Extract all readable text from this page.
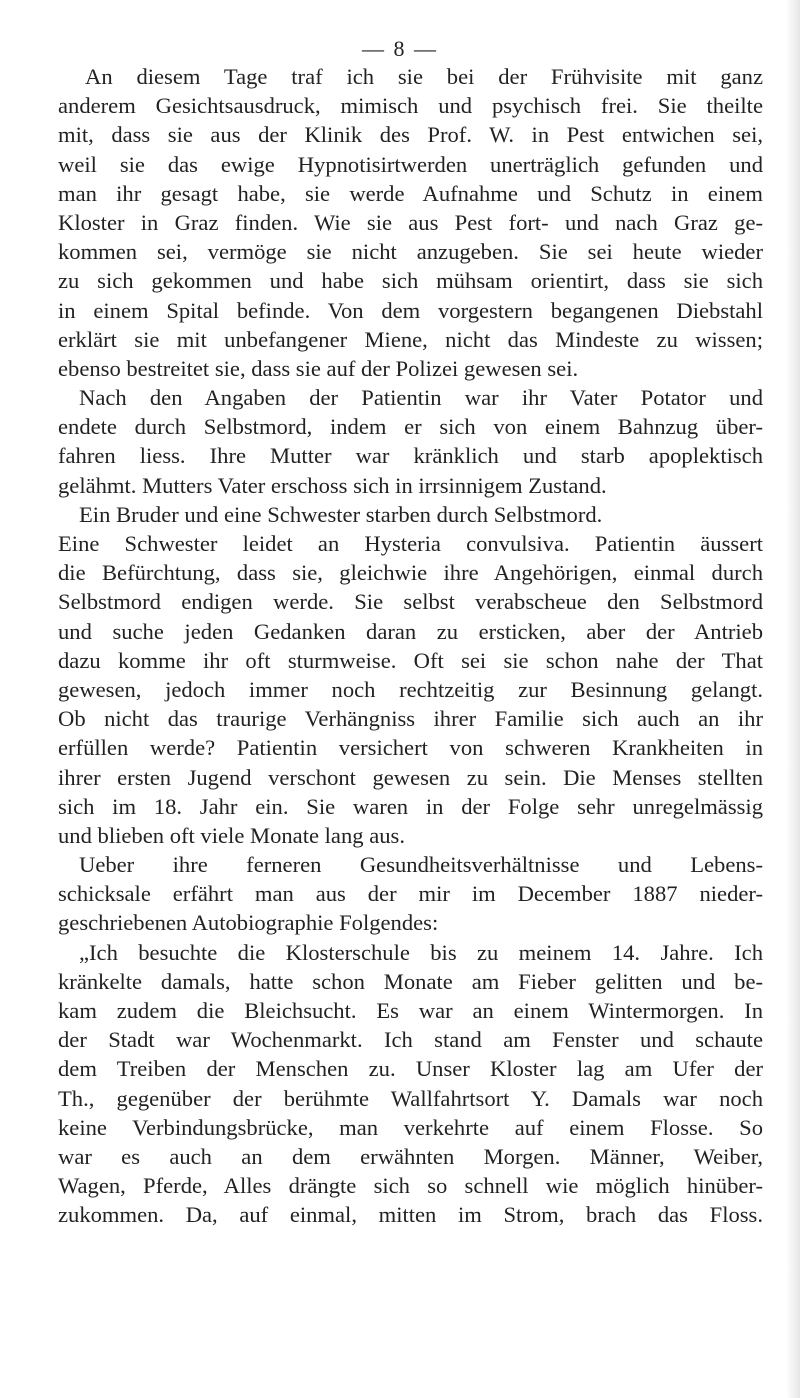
— 8 —
An diesem Tage traf ich sie bei der Frühvisite mit ganz
anderem Gesichtsausdruck, mimisch und psychisch frei. Sie theilte
mit, dass sie aus der Klinik des Prof. W. in Pest entwichen sei,
weil sie das ewige Hypnotisirtwerden unerträglich gefunden und
man ihr gesagt habe, sie werde Aufnahme und Schutz in einem
Kloster in Graz finden. Wie sie aus Pest fort- und nach Graz ge-
kommen sei, vermöge sie nicht anzugeben. Sie sei heute wieder
zu sich gekommen und habe sich mühsam orientirt, dass sie sich
in einem Spital befinde. Von dem vorgestern begangenen Diebstahl
erklärt sie mit unbefangener Miene, nicht das Mindeste zu wissen;
ebenso bestreitet sie, dass sie auf der Polizei gewesen sei.
Nach den Angaben der Patientin war ihr Vater Potator und
endete durch Selbstmord, indem er sich von einem Bahnzug über-
fahren liess. Ihre Mutter war kränklich und starb apoplektisch
gelähmt. Mutters Vater erschoss sich in irrsinnigem Zustand.
Ein Bruder und eine Schwester starben durch Selbstmord.
Eine Schwester leidet an Hysteria convulsiva. Patientin äussert
die Befürchtung, dass sie, gleichwie ihre Angehörigen, einmal durch
Selbstmord endigen werde. Sie selbst verabscheue den Selbstmord
und suche jeden Gedanken daran zu ersticken, aber der Antrieb
dazu komme ihr oft sturmweise. Oft sei sie schon nahe der That
gewesen, jedoch immer noch rechtzeitig zur Besinnung gelangt.
Ob nicht das traurige Verhängniss ihrer Familie sich auch an ihr
erfüllen werde? Patientin versichert von schweren Krankheiten in
ihrer ersten Jugend verschont gewesen zu sein. Die Menses stellten
sich im 18. Jahr ein. Sie waren in der Folge sehr unregelmässig
und blieben oft viele Monate lang aus.
Ueber ihre ferneren Gesundheitsverhältnisse und Lebens-
schicksale erfährt man aus der mir im December 1887 nieder-
geschriebenen Autobiographie Folgendes:
„Ich besuchte die Klosterschule bis zu meinem 14. Jahre. Ich
kränkelte damals, hatte schon Monate am Fieber gelitten und be-
kam zudem die Bleichsucht. Es war an einem Wintermorgen. In
der Stadt war Wochenmarkt. Ich stand am Fenster und schaute
dem Treiben der Menschen zu. Unser Kloster lag am Ufer der
Th., gegenüber der berühmte Wallfahrtsort Y. Damals war noch
keine Verbindungsbrücke, man verkehrte auf einem Flosse. So
war es auch an dem erwähnten Morgen. Männer, Weiber,
Wagen, Pferde, Alles drängte sich so schnell wie möglich hinüber-
zukommen. Da, auf einmal, mitten im Strom, brach das Floss.
